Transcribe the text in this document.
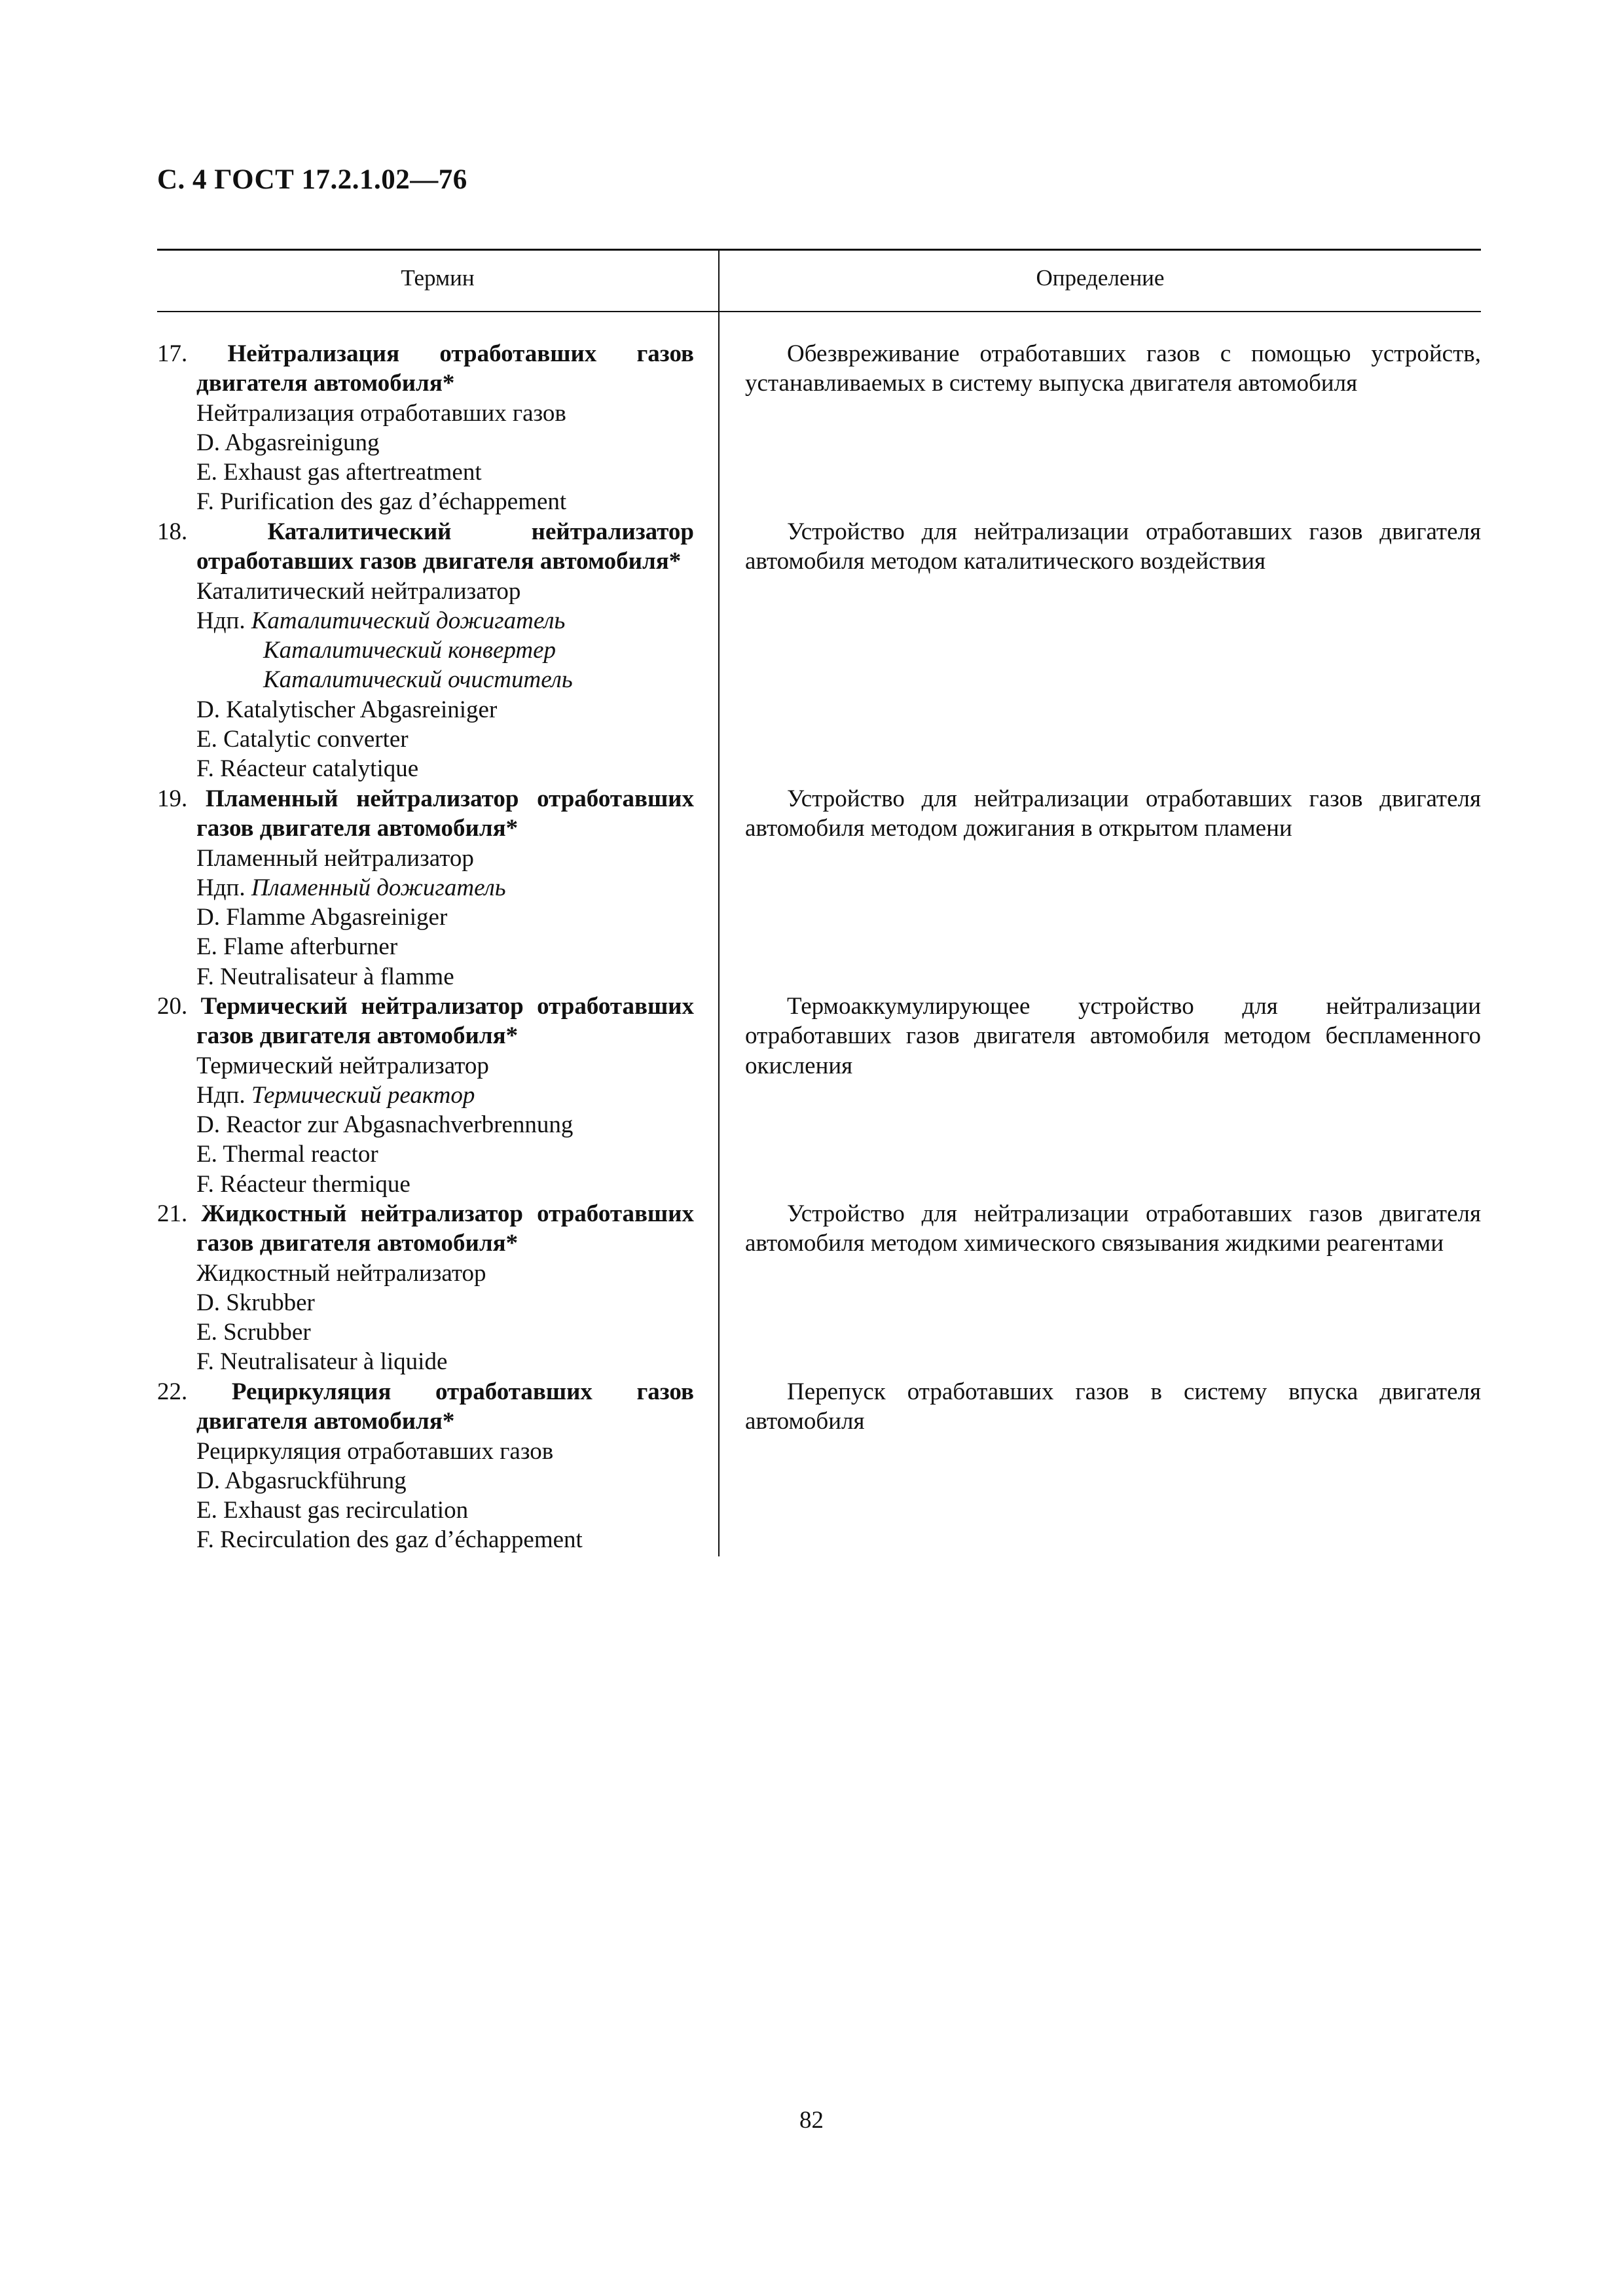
С. 4 ГОСТ 17.2.1.02—76
Термин	Определение
17. Нейтрализация отработавших газов двигателя автомобиля*
Нейтрализация отработавших газов
D. Abgasreinigung
E. Exhaust gas aftertreatment
F. Purification des gaz d’échappement
Обезвреживание отработавших газов с помощью устройств, устанавливаемых в систему выпуска двигателя автомобиля
18.	Каталитический нейтрализатор отработавших газов двигателя автомобиля*
Каталитический нейтрализатор
Ндп. Каталитический дожигатель
Каталитический конвертер
Каталитический очиститель
D. Katalytischer Abgasreiniger
E. Catalytic converter
F. Réacteur catalytique
Устройство для нейтрализации отработавших газов двигателя автомобиля методом каталитического воздействия
19. Пламенный нейтрализатор отработавших газов двигателя автомобиля*
Пламенный нейтрализатор
Ндп. Пламенный дожигатель
D. Flamme Abgasreiniger
E. Flame afterburner
F. Neutralisateur à flamme
Устройство для нейтрализации отработавших газов двигателя автомобиля методом дожигания в открытом пламени
20. Термический нейтрализатор отработавших газов двигателя автомобиля*
Термический нейтрализатор
Ндп. Термический реактор
D. Reactor zur Abgasnachverbrennung
E. Thermal reactor
F. Réacteur thermique
Термоаккумулирующее устройство для нейтрализации отработавших газов двигателя автомобиля методом беспламенного окисления
21. Жидкостный нейтрализатор отработавших газов двигателя автомобиля*
Жидкостный нейтрализатор
D. Skrubber
E. Scrubber
F. Neutralisateur à liquide
Устройство для нейтрализации отработавших газов двигателя автомобиля методом химического связывания жидкими реагентами
22. Рециркуляция отработавших газов двигателя автомобиля*
Рециркуляция отработавших газов
D. Abgasruckführung
E. Exhaust gas recirculation
F. Recirculation des gaz d’échappement
Перепуск отработавших газов в систему впуска двигателя автомобиля
82
